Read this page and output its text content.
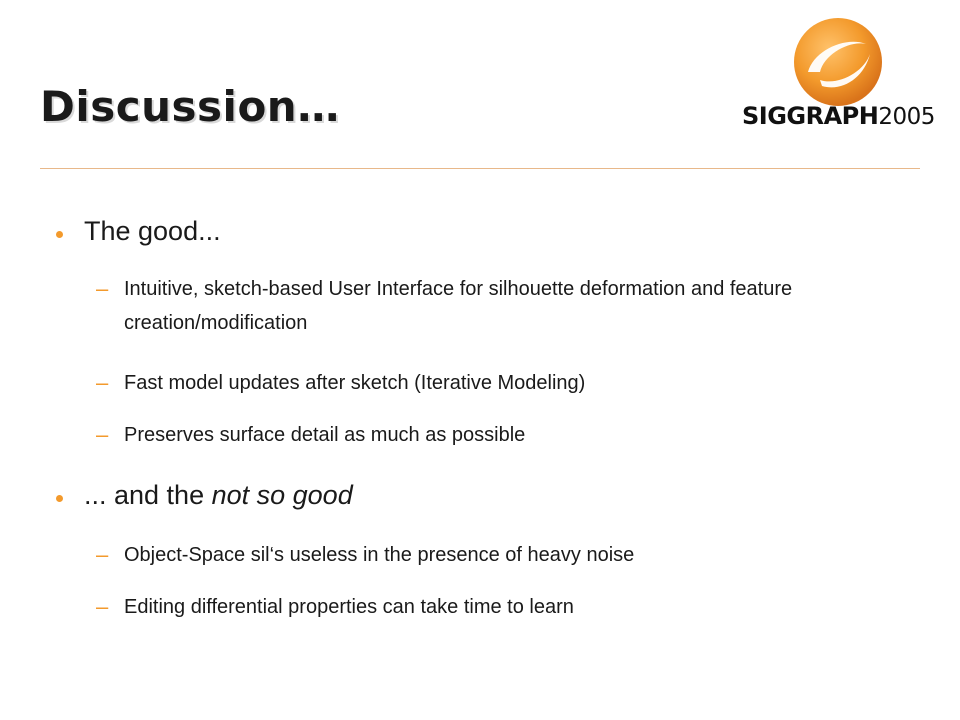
Discussion…	SIGGRAPH2005
The good...
– Intuitive, sketch-based User Interface for silhouette deformation and feature creation/modification
– Fast model updates after sketch (Iterative Modeling)
– Preserves surface detail as much as possible
... and the not so good
– Object-Space sil‘s useless in the presence of heavy noise
– Editing differential properties can take time to learn
